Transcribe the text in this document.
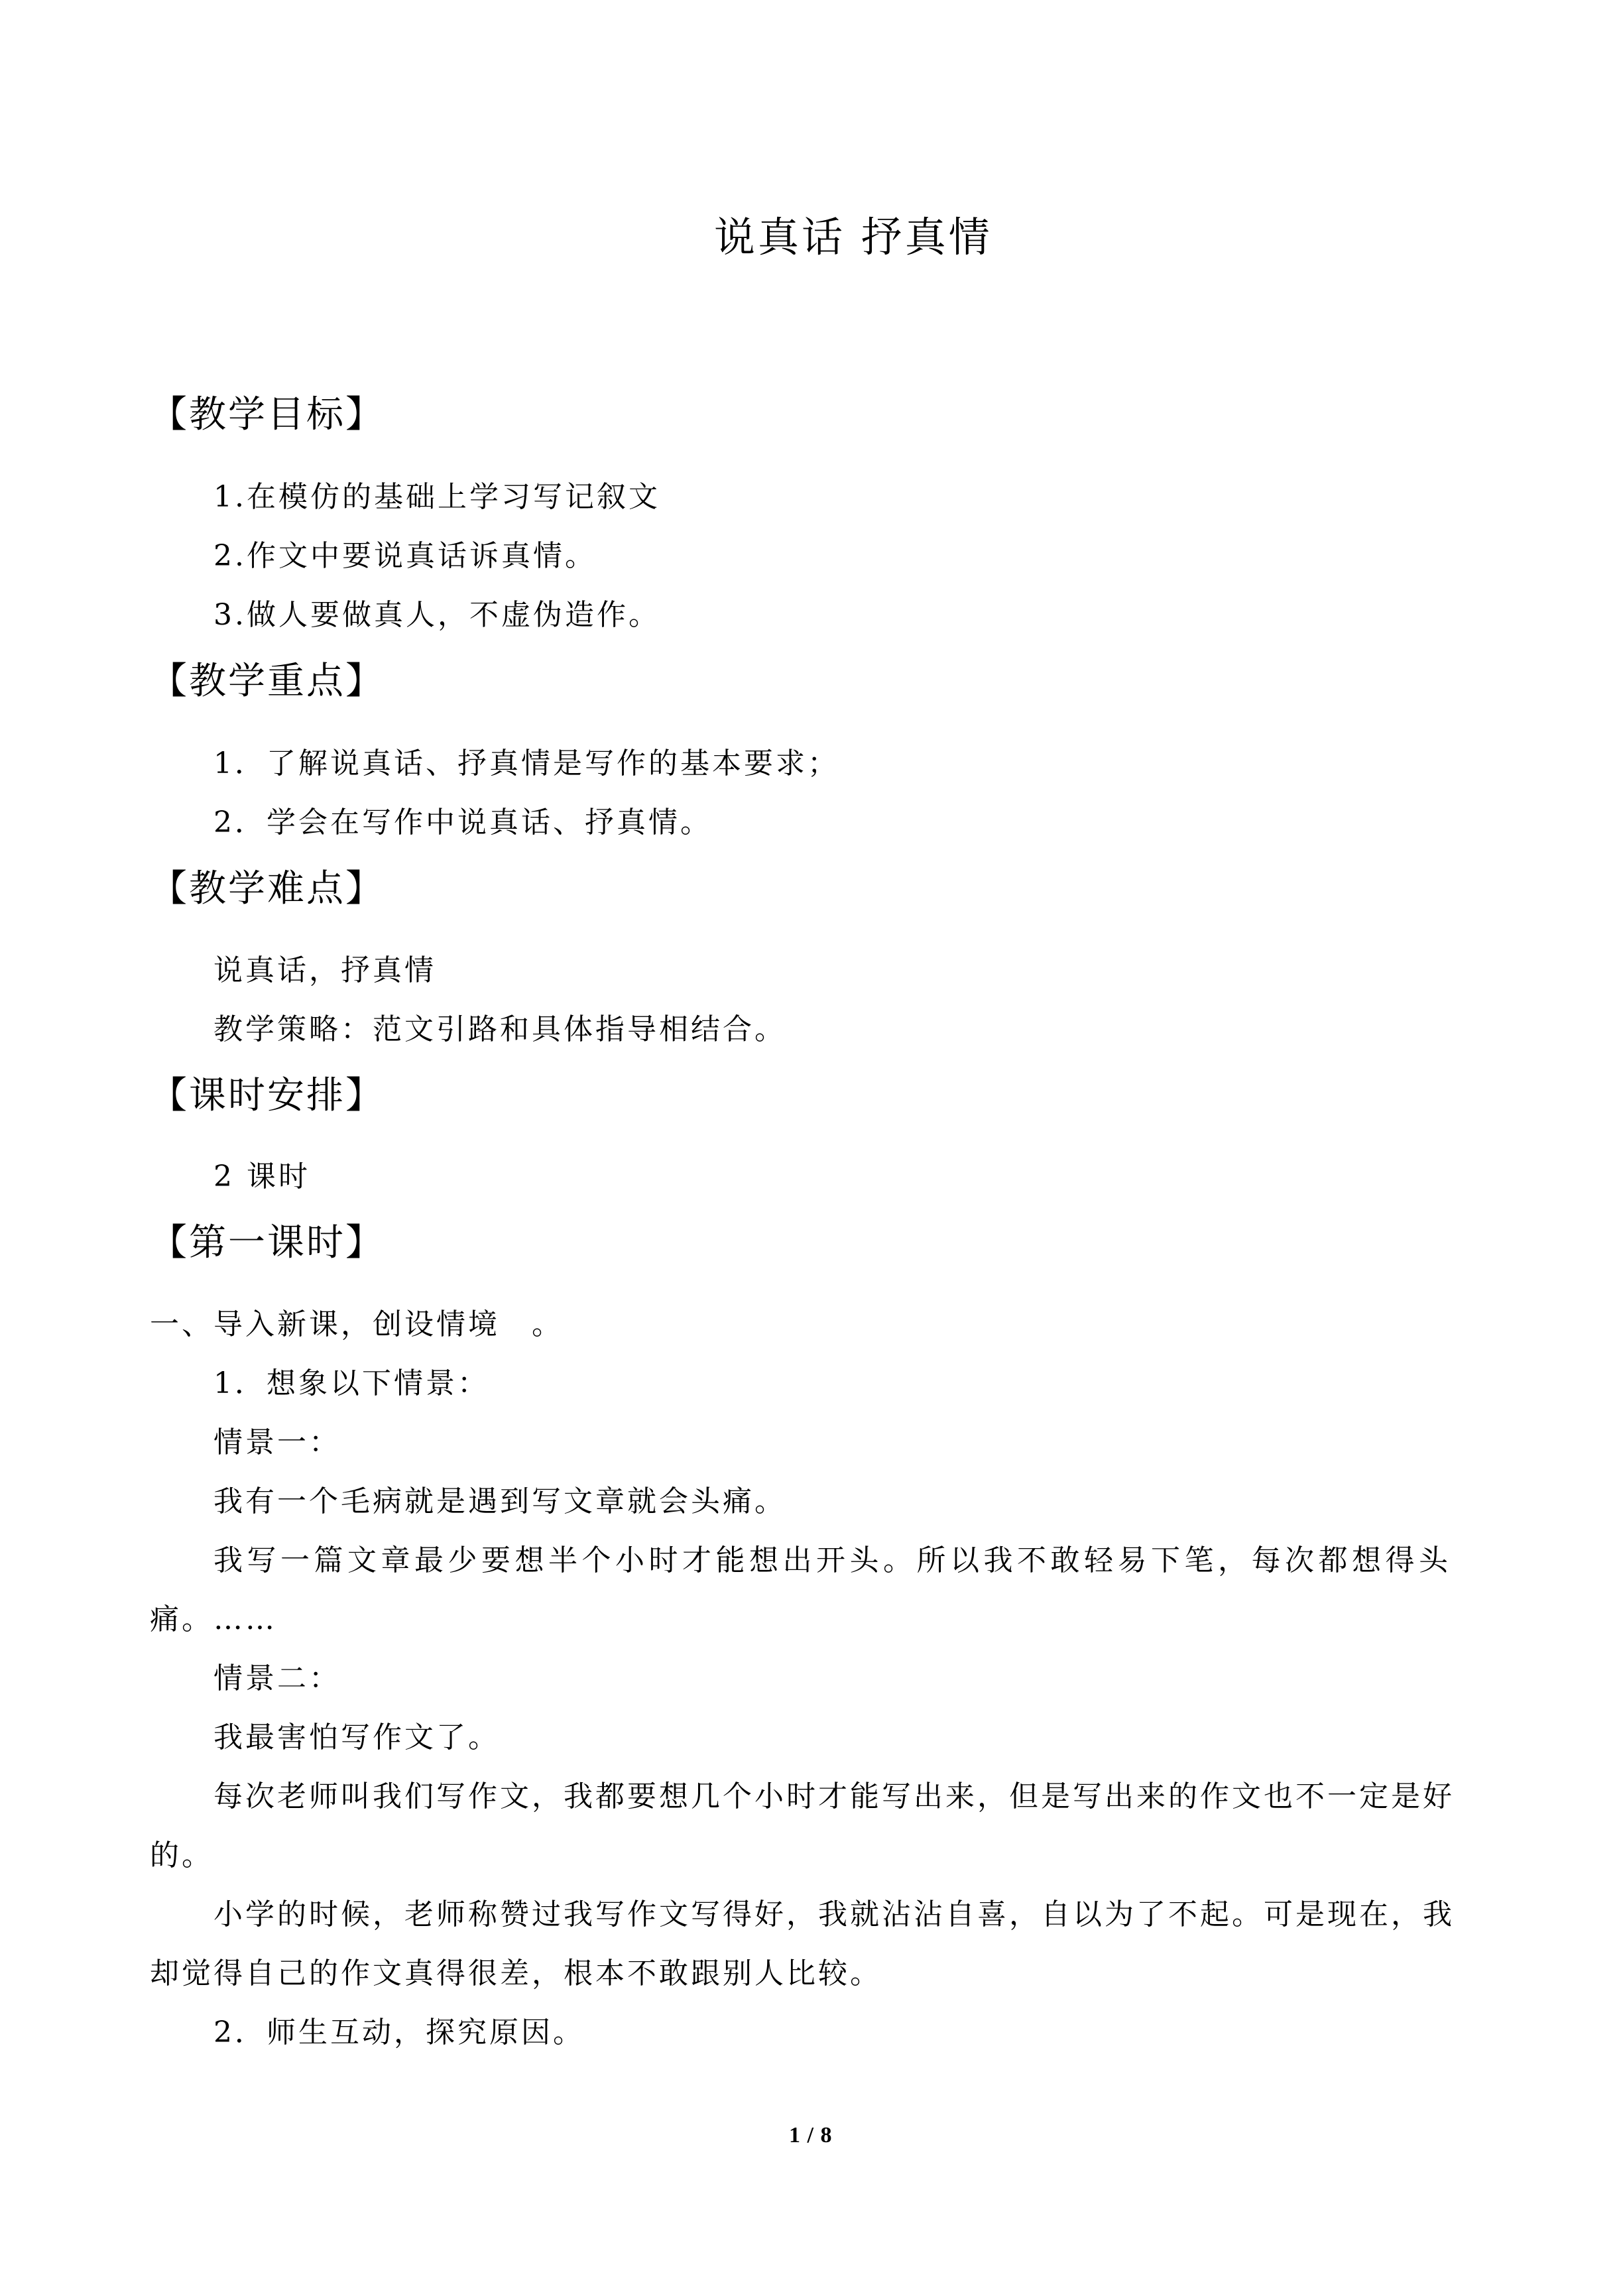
说真话 抒真情
【教学目标】
1.在模仿的基础上学习写记叙文
2.作文中要说真话诉真情。
3.做人要做真人，不虚伪造作。
【教学重点】
1．了解说真话、抒真情是写作的基本要求；
2．学会在写作中说真话、抒真情。
【教学难点】
说真话，抒真情
教学策略：范文引路和具体指导相结合。
【课时安排】
2 课时
【第一课时】
一、导入新课，创设情境　。
1．想象以下情景：
情景一：
我有一个毛病就是遇到写文章就会头痛。
我写一篇文章最少要想半个小时才能想出开头。所以我不敢轻易下笔，每次都想得头
痛。……
情景二：
我最害怕写作文了。
每次老师叫我们写作文，我都要想几个小时才能写出来，但是写出来的作文也不一定是好
的。
小学的时候，老师称赞过我写作文写得好，我就沾沾自喜，自以为了不起。可是现在，我
却觉得自己的作文真得很差，根本不敢跟别人比较。
2．师生互动，探究原因。
1 / 8
